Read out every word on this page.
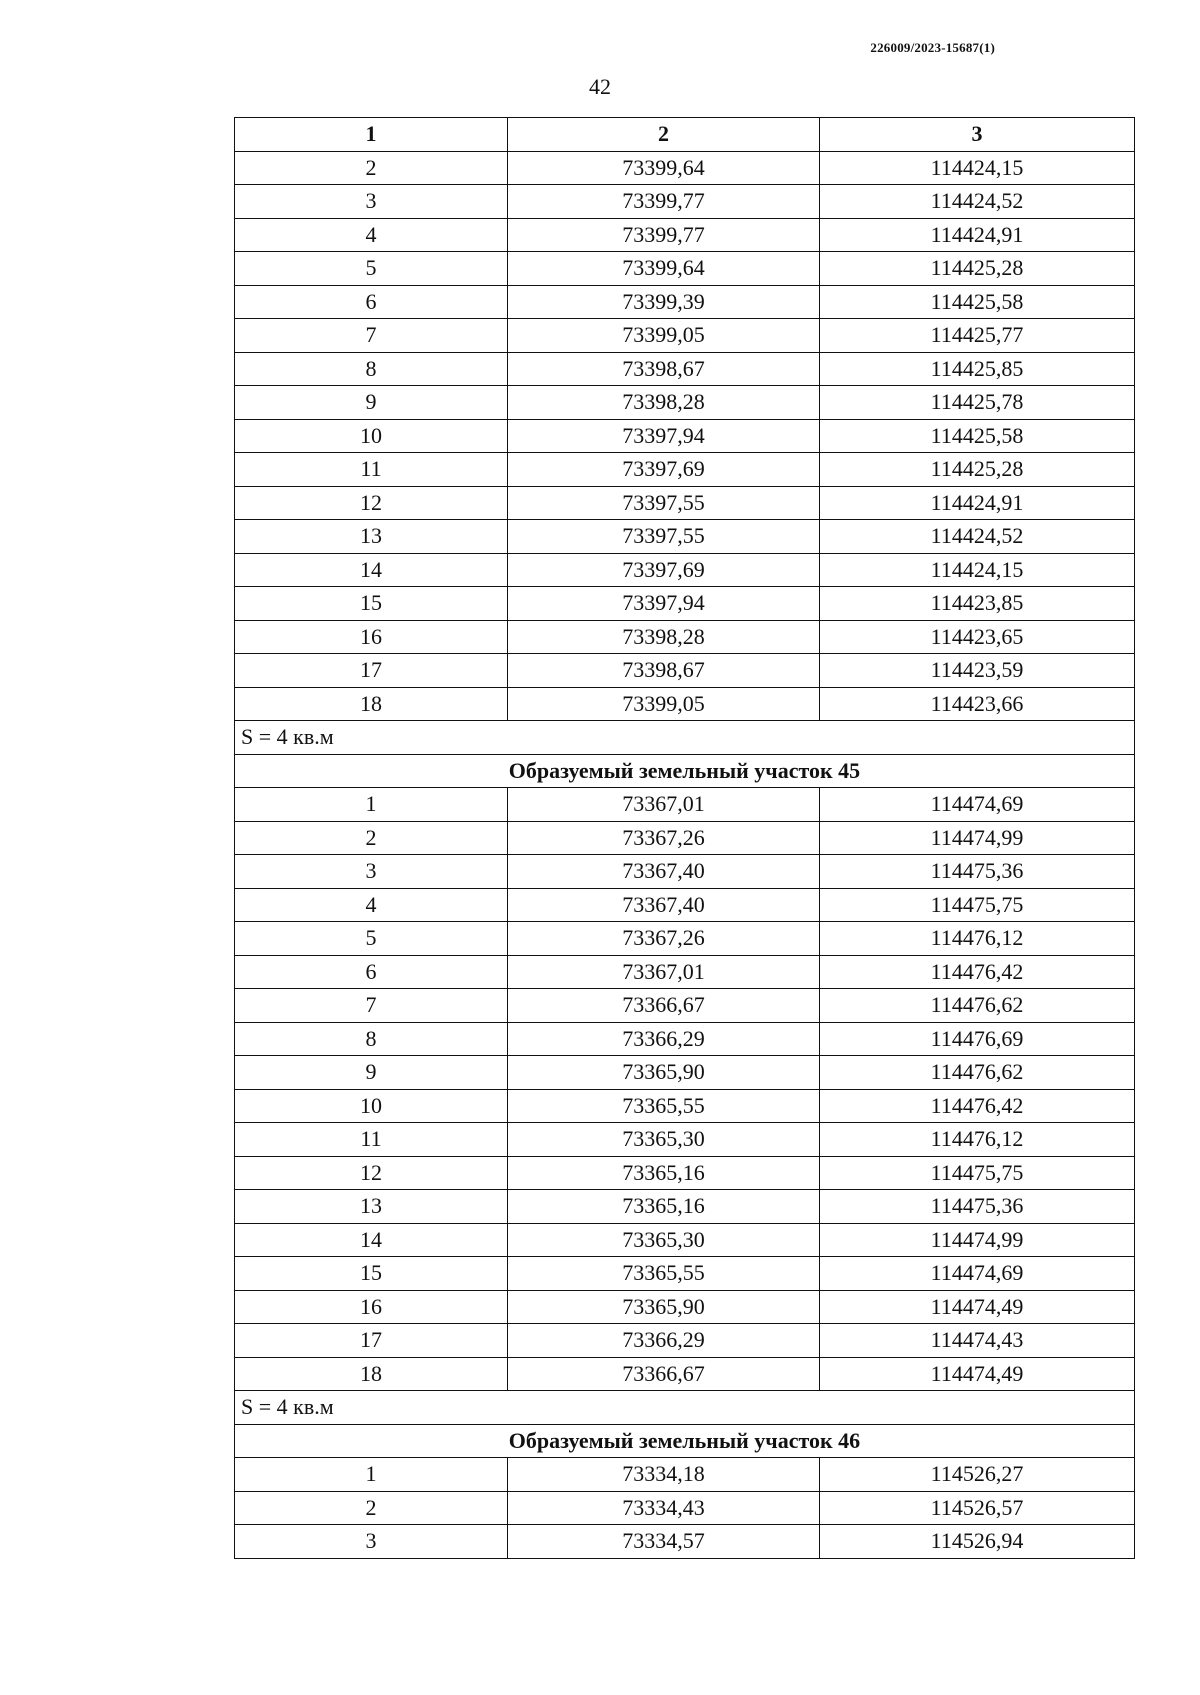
226009/2023-15687(1)
42
1	2	3
2	73399,64	114424,15
3	73399,77	114424,52
4	73399,77	114424,91
5	73399,64	114425,28
6	73399,39	114425,58
7	73399,05	114425,77
8	73398,67	114425,85
9	73398,28	114425,78
10	73397,94	114425,58
11	73397,69	114425,28
12	73397,55	114424,91
13	73397,55	114424,52
14	73397,69	114424,15
15	73397,94	114423,85
16	73398,28	114423,65
17	73398,67	114423,59
18	73399,05	114423,66
S = 4 кв.м		
Образуемый земельный участок 45		
1	73367,01	114474,69
2	73367,26	114474,99
3	73367,40	114475,36
4	73367,40	114475,75
5	73367,26	114476,12
6	73367,01	114476,42
7	73366,67	114476,62
8	73366,29	114476,69
9	73365,90	114476,62
10	73365,55	114476,42
11	73365,30	114476,12
12	73365,16	114475,75
13	73365,16	114475,36
14	73365,30	114474,99
15	73365,55	114474,69
16	73365,90	114474,49
17	73366,29	114474,43
18	73366,67	114474,49
S = 4 кв.м		
Образуемый земельный участок 46		
1	73334,18	114526,27
2	73334,43	114526,57
3	73334,57	114526,94
